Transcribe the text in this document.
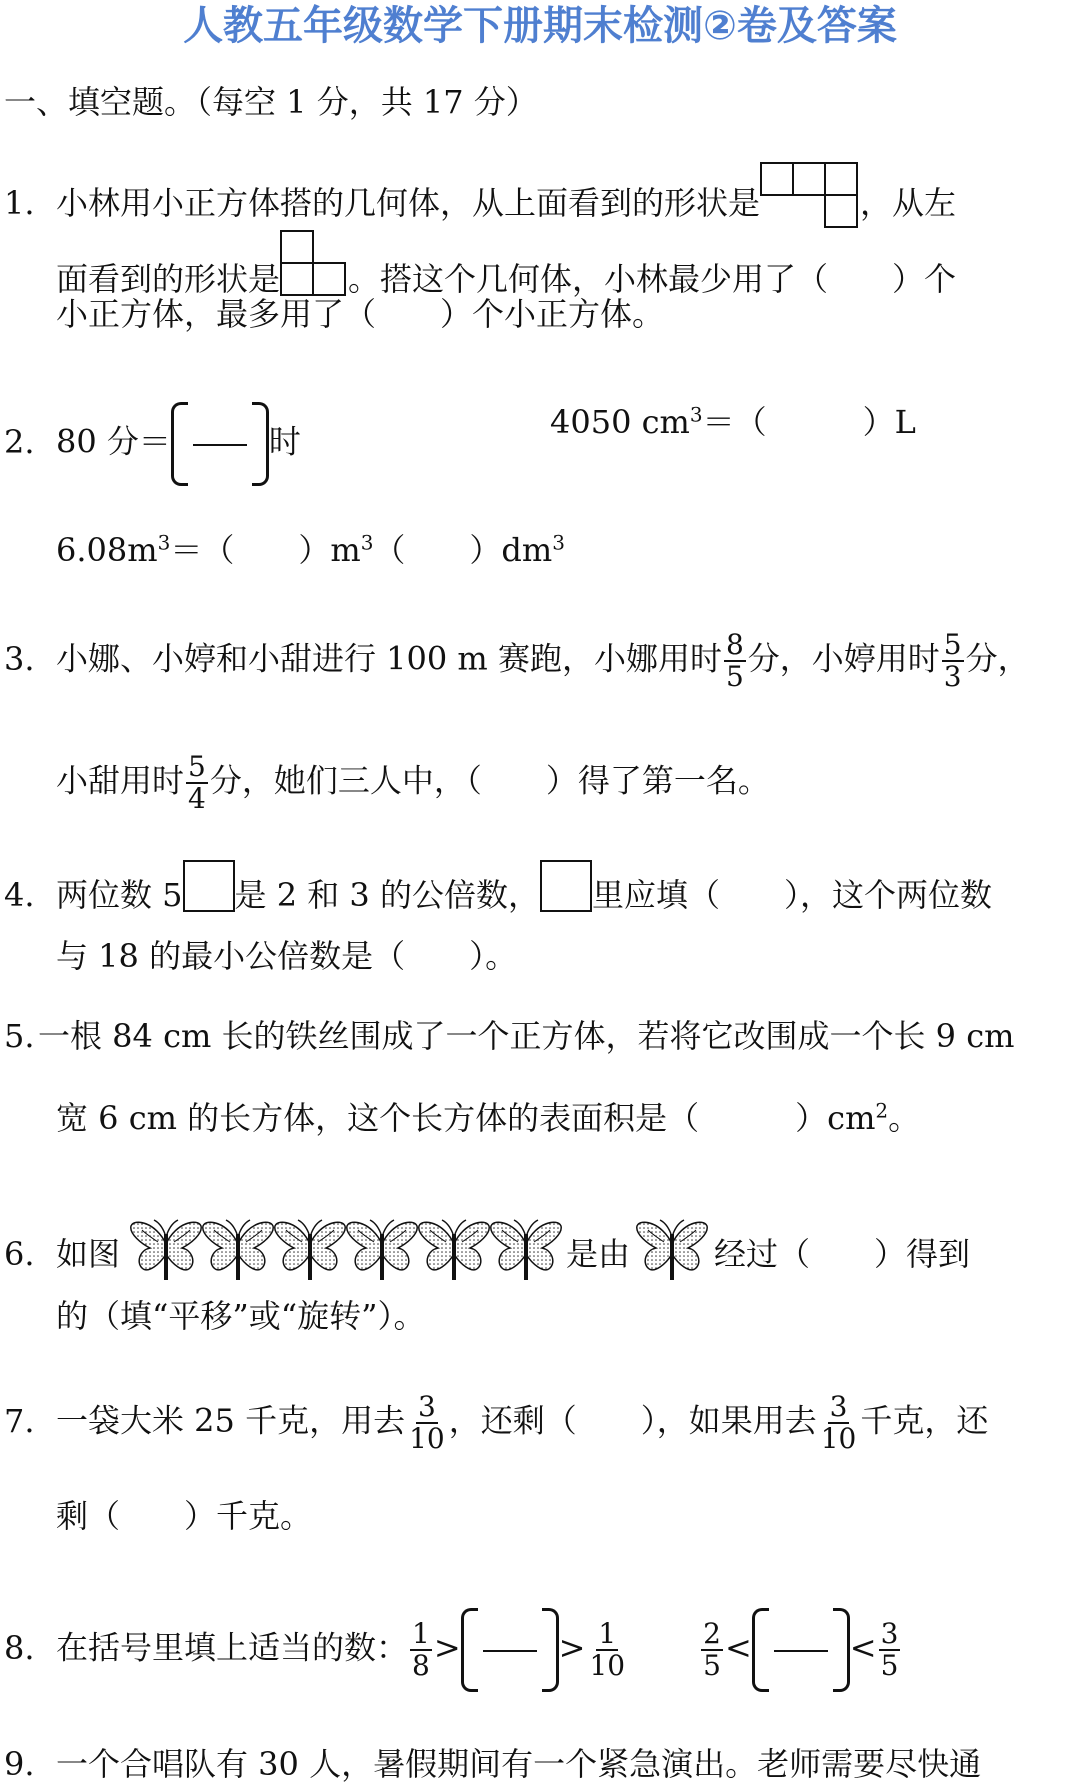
人教五年级数学下册期末检测②卷及答案
一、填空题。（每空 1 分，共 17 分）
1. 小林用小正方体搭的几何体，从上面看到的形状是	，从左
面看到的形状是 。搭这个几何体，小林最少用了（　　）个
小正方体，最多用了（　　）个小正方体。
2. 80 分＝	时
4050 $cm^3=$（　　　）L
$6.08m^3=$（　　）$m^3$（　　）$dm^3$
3. 小娜、小婷和小甜进行 100 m 赛跑，小娜用时 $\frac{8}{5}$ 分，小婷用时 $\frac{5}{3}$ 分，
小甜用时 $\frac{5}{4}$ 分，她们三人中，（　　）得了第一名。
4. 两位数 5 是 2 和 3 的公倍数， 里应填（　　），这个两位数
与 18 的最小公倍数是（　　）。
5. 一根 84 cm 长的铁丝围成了一个正方体，若将它改围成一个长 9 cm
宽 6 cm 的长方体，这个长方体的表面积是（　　　）$cm^2$。
6. 如图	是由	经过（　　）得到
的（填“平移”或“旋转”）。
7. 一袋大米 25 千克，用去 $\frac{3}{10}$ ，还剩（　　），如果用去 $\frac{3}{10}$ 千克，还
剩（　　）千克。
8. 在括号里填上适当的数： $\frac{1}{8}$ >	> $\frac{1}{10}$	$\frac{2}{5}$ <	< $\frac{3}{5}$
9. 一个合唱队有 30 人，暑假期间有一个紧急演出。老师需要尽快通
